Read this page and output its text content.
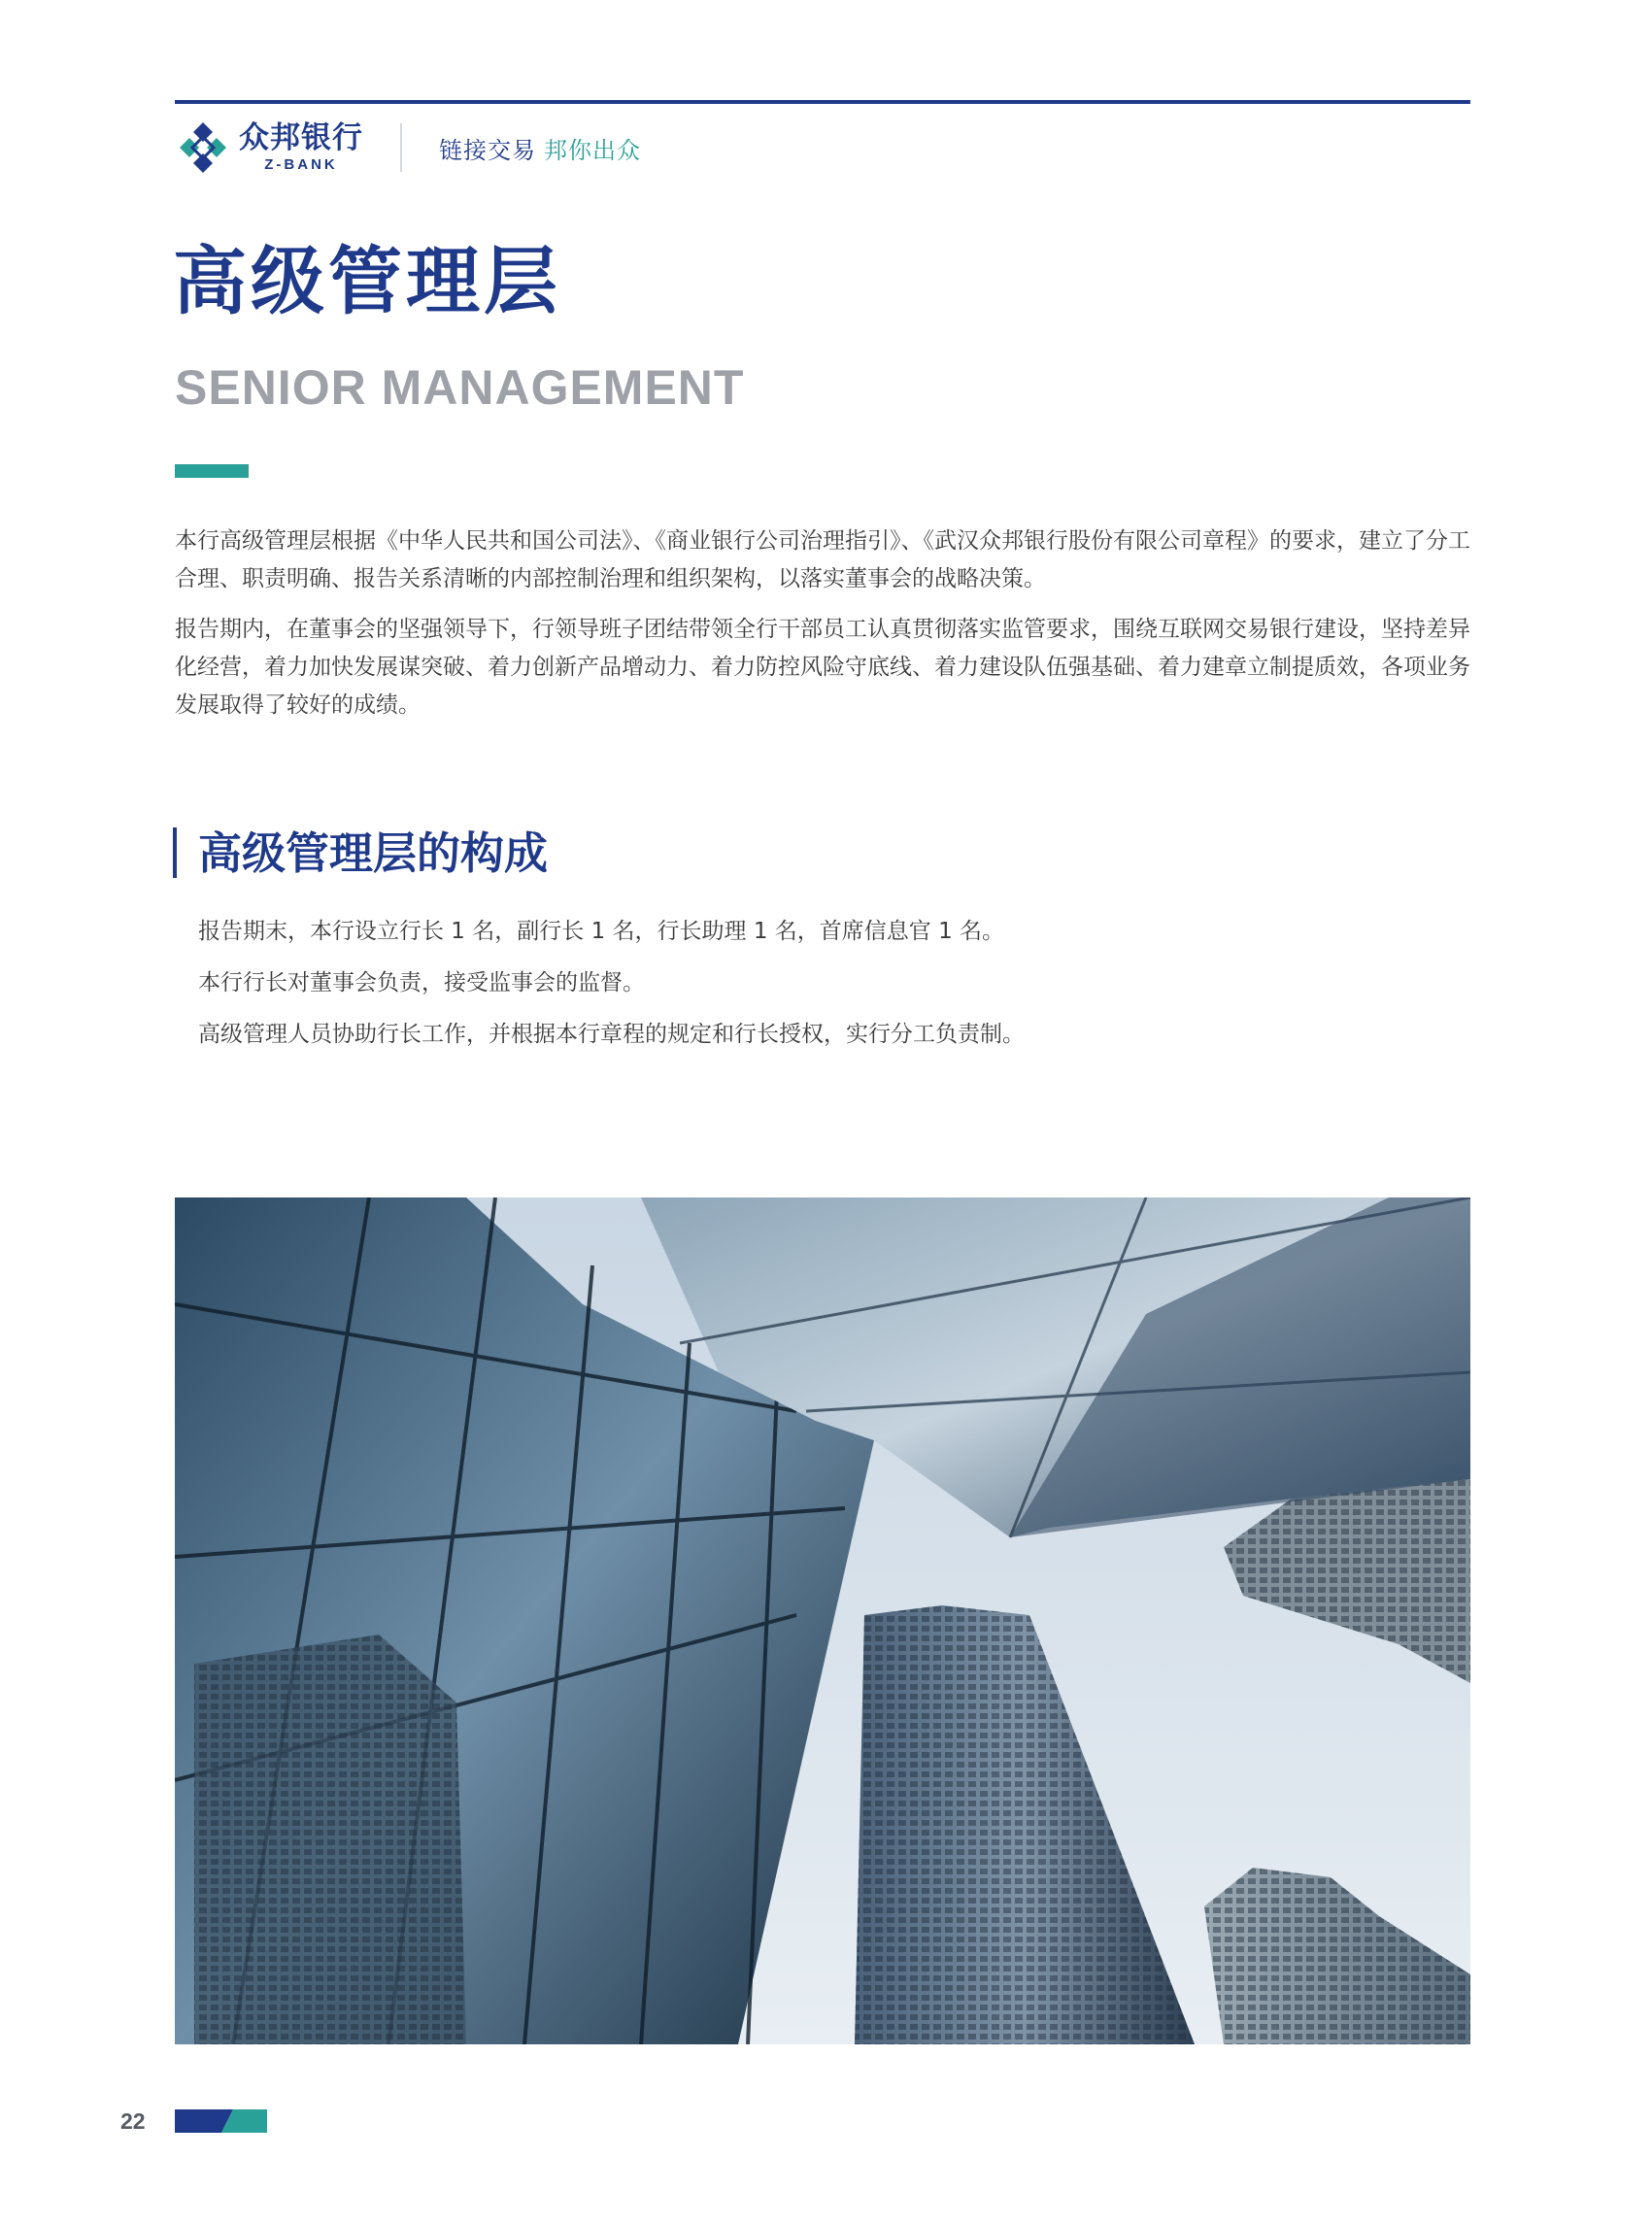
众邦银行
Z-BANK
链接交易 邦你出众
高级管理层
SENIOR MANAGEMENT

本行高级管理层根据《中华人民共和国公司法》、《商业银行公司治理指引》、《武汉众邦银行股份有限公司章程》的要求，建立了分工合理、职责明确、报告关系清晰的内部控制治理和组织架构，以落实董事会的战略决策。

报告期内，在董事会的坚强领导下，行领导班子团结带领全行干部员工认真贯彻落实监管要求，围绕互联网交易银行建设，坚持差异化经营，着力加快发展谋突破、着力创新产品增动力、着力防控风险守底线、着力建设队伍强基础、着力建章立制提质效，各项业务发展取得了较好的成绩。

高级管理层的构成

报告期末，本行设立行长 1 名，副行长 1 名，行长助理 1 名，首席信息官 1 名。

本行行长对董事会负责，接受监事会的监督。

高级管理人员协助行长工作，并根据本行章程的规定和行长授权，实行分工负责制。

22
